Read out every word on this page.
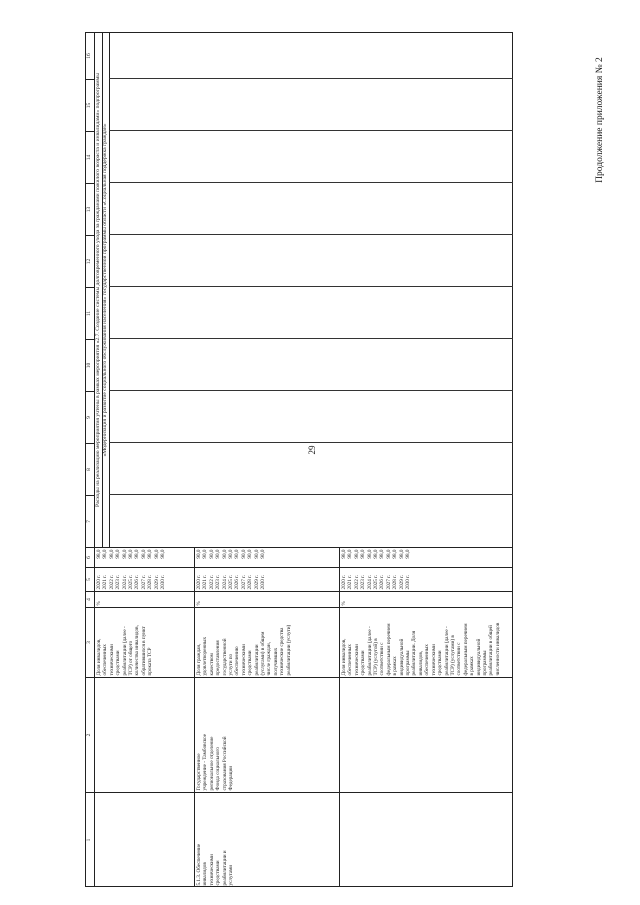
29
Продолжение приложения № 2
1
2
3
4
5
6
7
8
9
10
11
12
13
14
15
16
Расходы на реализацию мероприятия учтены в рамках мероприятия «2.7. Создание системы долговременного ухода за гражданами пожилого возраста и инвалидами» подпрограммы «Модернизация и развитие социального обслуживания населения» государственной программы области «Социальная поддержка граждан»
Доля инвалидов, обеспеченных техническими средствами реабилитации (далее - ТСР) от общего количества инвалидов, обратившихся в пункт проката ТСР
%
2020 г. 2021 г. 2022 г. 2023 г. 2024 г. 2025 г. 2026 г. 2027 г. 2028 г. 2029 г. 2030 г.
98,0 98,0 98,0 98,0 98,0 98,0 98,0 98,0 98,0 98,0 98,0
5.1.3. Обеспечение инвалидов техническими средствами реабилитации и услугами
Государственное учреждение - Тамбовское региональное отделение Фонда социального страхования Российской Федерации
Доля граждан, удовлетворенных качеством предоставления государственной услуги по обеспечению техническими средствами реабилитации (услугами) в общем числе граждан, получивших технические средства реабилитации (услуги)
%
2020 г. 2021 г. 2022 г. 2023 г. 2024 г. 2025 г. 2026 г. 2027 г. 2028 г. 2029 г. 2030 г.
90,0 90,0 90,0 90,0 90,0 90,0 90,0 90,0 90,0 90,0 90,0
Доля инвалидов, обеспеченных техническими средствами реабилитации (далее - ТСР) (услугой) в соответствии с федеральным перечнем в рамках индивидуальной программы реабилитации. Доля инвалидов, обеспеченных техническими средствами реабилитации (далее - ТСР) (услугами) в соответствии с федеральным перечнем в рамках индивидуальной программы реабилитации в общей численности инвалидов
%
2020 г. 2021 г. 2022 г. 2023 г. 2024 г. 2025 г. 2026 г. 2027 г. 2028 г. 2029 г. 2030 г.
98,0 98,0 98,0 98,0 98,0 98,0 98,0 98,0 98,0 98,0 98,0
